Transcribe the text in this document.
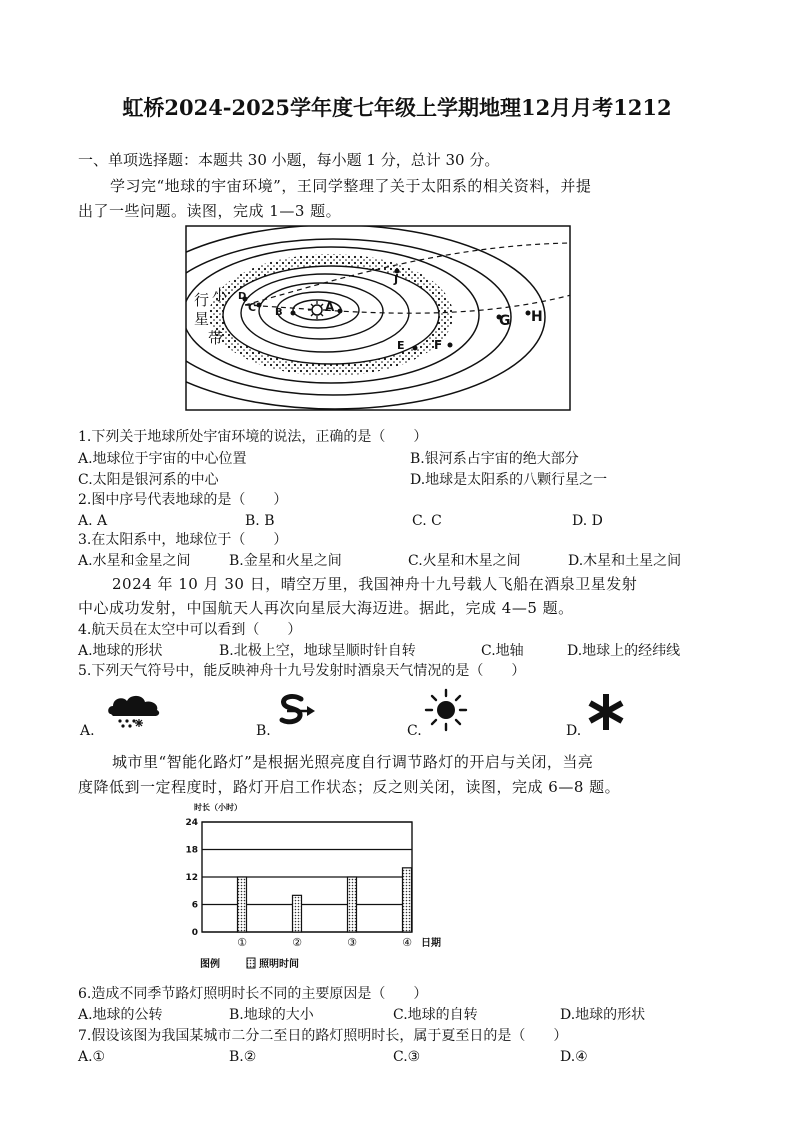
虹桥2024-2025学年度七年级上学期地理12月月考1212
一、单项选择题：本题共 30 小题，每小题 1 分，总计 30 分。
学习完“地球的宇宙环境”，王同学整理了关于太阳系的相关资料，并提
出了一些问题。读图，完成 1—3 题。
A
B
C
D
E F
G H
J
小
行
星
带
1.下列关于地球所处宇宙环境的说法，正确的是（　　）
A.地球位于宇宙的中心位置	B.银河系占宇宙的绝大部分
C.太阳是银河系的中心	D.地球是太阳系的八颗行星之一
2.图中序号代表地球的是（　　）
A. A	B. B	C. C	D. D
3.在太阳系中，地球位于（　　）
A.水星和金星之间	B.金星和火星之间	C.火星和木星之间	D.木星和土星之间
2024 年 10 月 30 日，晴空万里，我国神舟十九号载人飞船在酒泉卫星发射
中心成功发射，中国航天人再次向星辰大海迈进。据此，完成 4—5 题。
4.航天员在太空中可以看到（　　）
A.地球的形状	B.北极上空，地球呈顺时针自转	C.地轴	D.地球上的经纬线
5.下列天气符号中，能反映神舟十九号发射时酒泉天气情况的是（　　）
A.	B.	C.	D.
城市里“智能化路灯”是根据光照亮度自行调节路灯的开启与关闭，当亮
度降低到一定程度时，路灯开启工作状态；反之则关闭，读图，完成 6—8 题。
时长（小时）
0
6
12
18
24
①	②	③	④ 日期
图例	照明时间
6.造成不同季节路灯照明时长不同的主要原因是（　　）
A.地球的公转	B.地球的大小	C.地球的自转	D.地球的形状
7.假设该图为我国某城市二分二至日的路灯照明时长，属于夏至日的是（　　）
A.①	B.②	C.③	D.④
